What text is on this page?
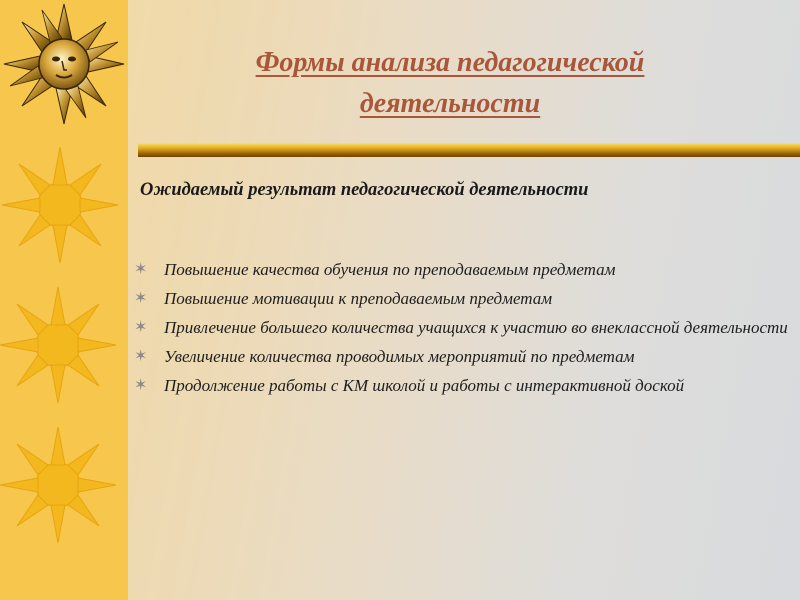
Формы анализа педагогической деятельности
Ожидаемый результат педагогической деятельности
✶ Повышение качества обучения по преподаваемым предметам
✶ Повышение мотивации к преподаваемым предметам
✶ Привлечение большего количества учащихся к участию во внеклассной деятельности
✶ Увеличение количества проводимых мероприятий по предметам
✶ Продолжение работы с КМ школой и работы с интерактивной доской
